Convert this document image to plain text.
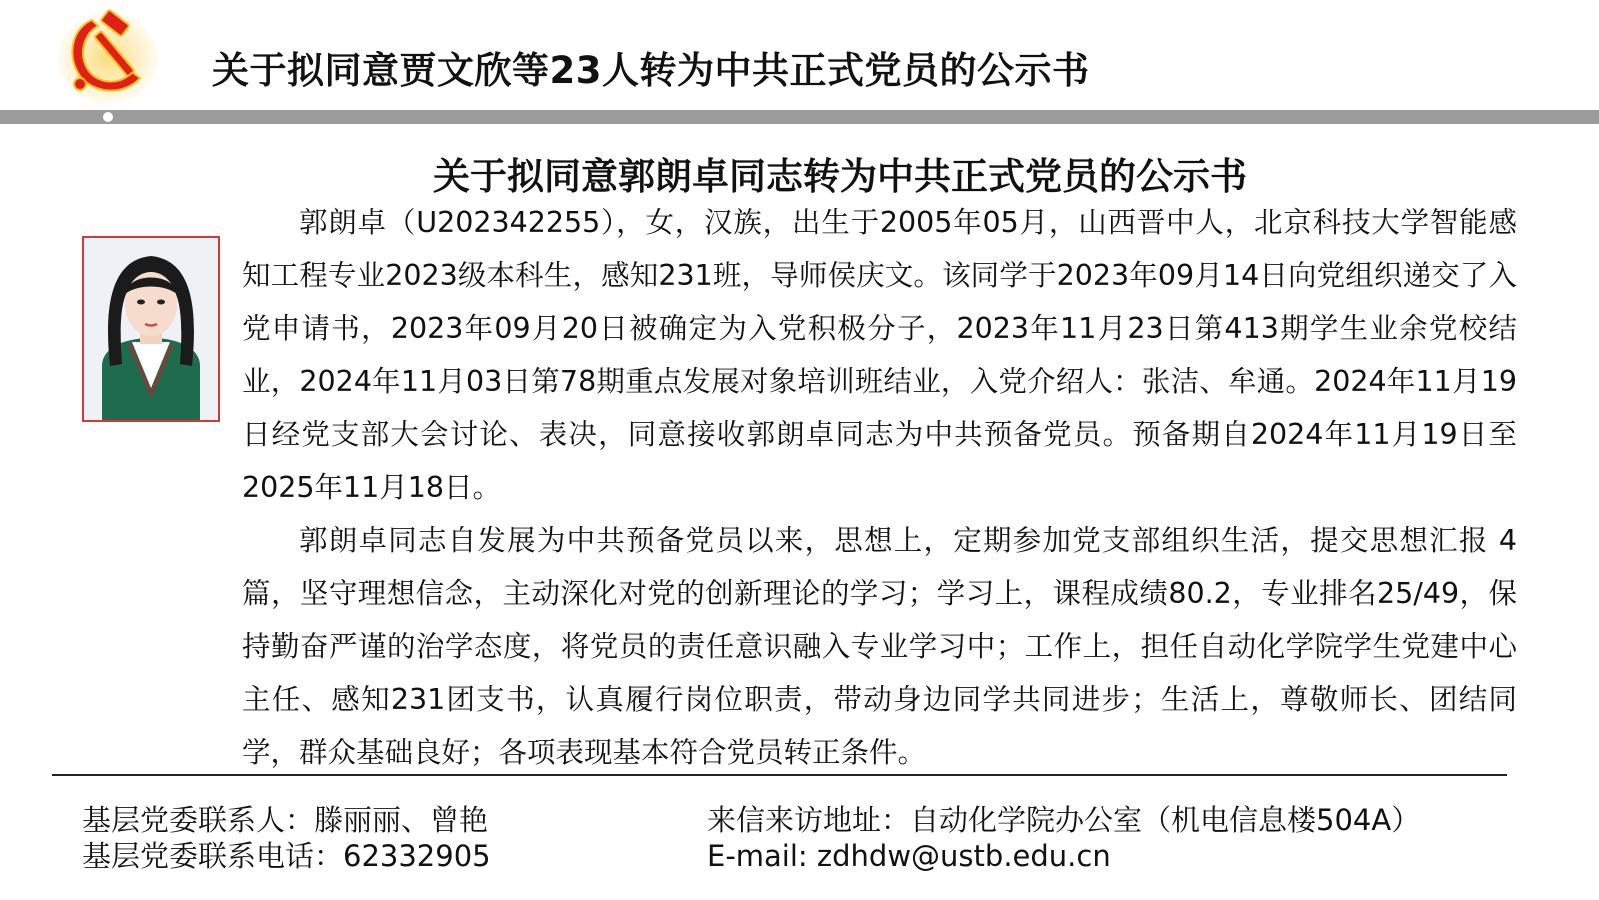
关于拟同意贾文欣等23人转为中共正式党员的公示书
关于拟同意郭朗卓同志转为中共正式党员的公示书

郭朗卓（U202342255），女，汉族，出生于2005年05月，山西晋中人，北京科技大学智能感知工程专业2023级本科生，感知231班，导师侯庆文。该同学于2023年09月14日向党组织递交了入党申请书，2023年09月20日被确定为入党积极分子，2023年11月23日第413期学生业余党校结业，2024年11月03日第78期重点发展对象培训班结业，入党介绍人：张洁、牟通。2024年11月19日经党支部大会讨论、表决，同意接收郭朗卓同志为中共预备党员。预备期自2024年11月19日至2025年11月18日。

郭朗卓同志自发展为中共预备党员以来，思想上，定期参加党支部组织生活，提交思想汇报 4篇，坚守理想信念，主动深化对党的创新理论的学习；学习上，课程成绩80.2，专业排名25/49，保持勤奋严谨的治学态度，将党员的责任意识融入专业学习中；工作上，担任自动化学院学生党建中心主任、感知231团支书，认真履行岗位职责，带动身边同学共同进步；生活上，尊敬师长、团结同学，群众基础良好；各项表现基本符合党员转正条件。

基层党委联系人：滕丽丽、曾艳
基层党委联系电话：62332905
来信来访地址：自动化学院办公室（机电信息楼504A）
E-mail: zdhdw@ustb.edu.cn
